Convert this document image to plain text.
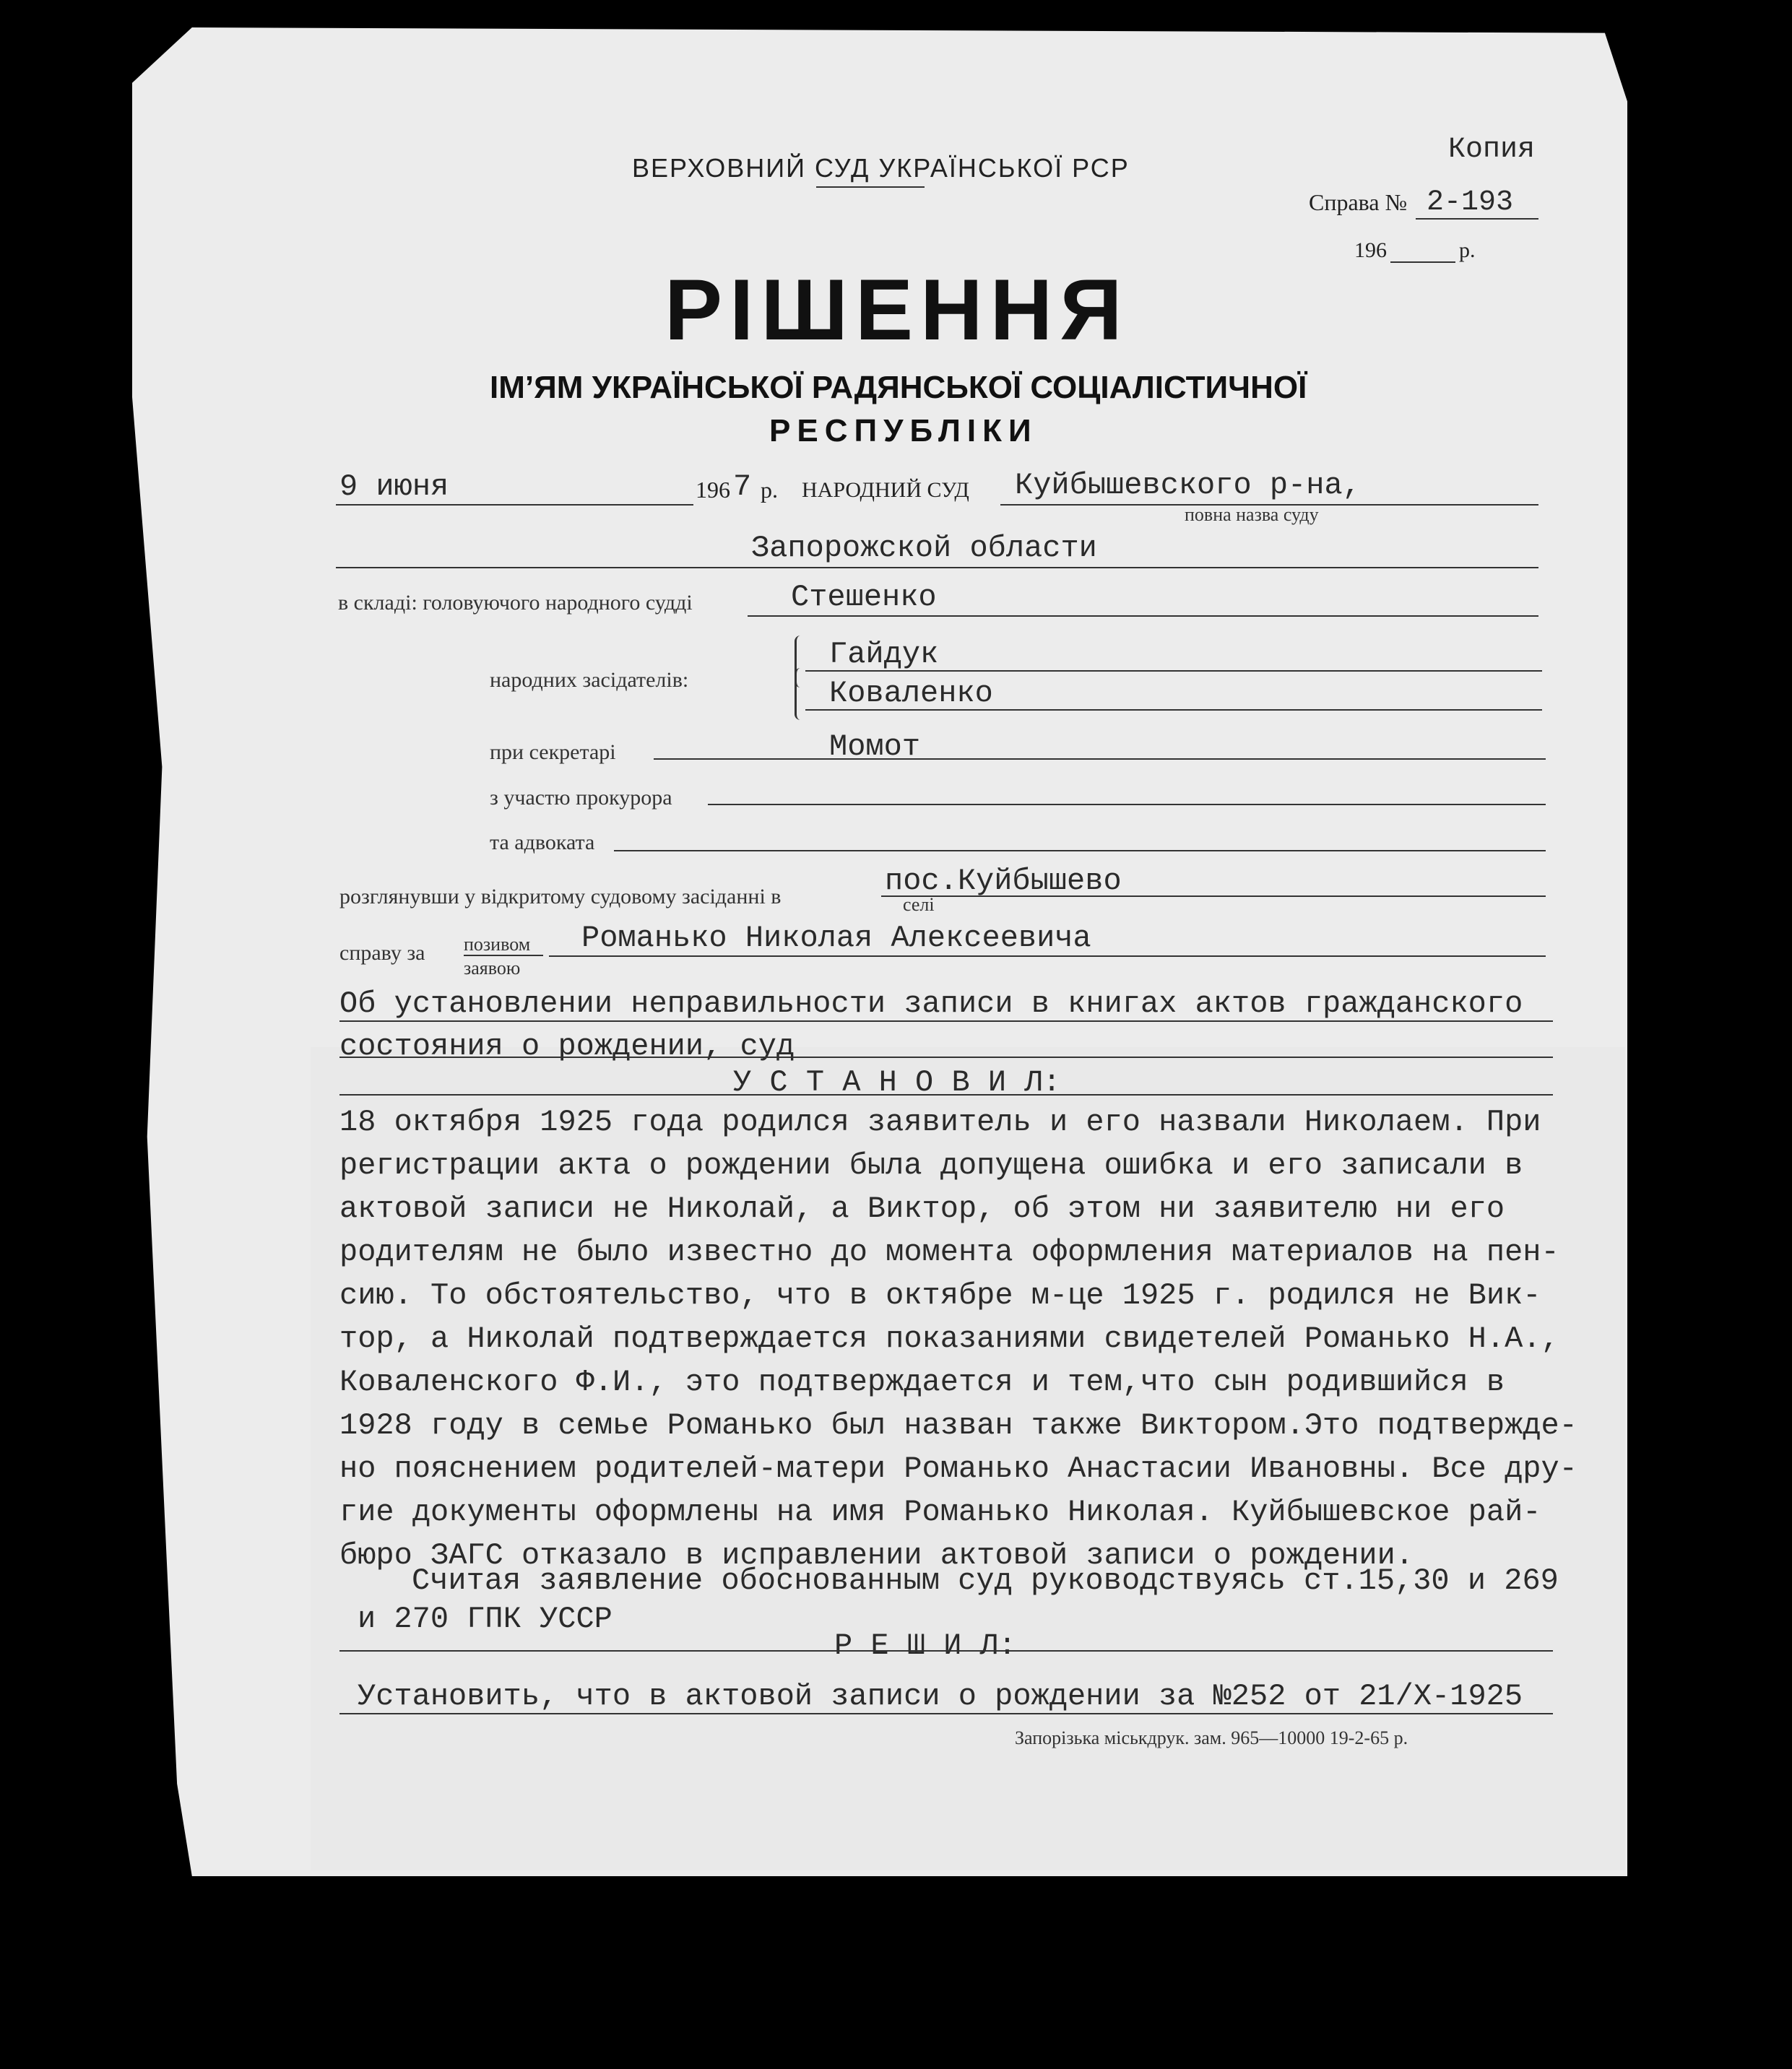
ВЕРХОВНИЙ СУД УКРАЇНСЬКОЇ РСР
Копия
Справа № 2-193
196	р.
РІШЕННЯ
ІМ’ЯМ УКРАЇНСЬКОЇ РАДЯНСЬКОЇ СОЦІАЛІСТИЧНОЇ
РЕСПУБЛІКИ
9 июня	196 7 р. НАРОДНИЙ СУД Куйбышевского р-на,
повна назва суду
Запорожской области
в складі: головуючого народного судді	Стешенко
народних засідателів:
Гайдук
Коваленко
при секретарі	Момот
з участю прокурора
та адвоката
розглянувши у відкритому судовому засіданні в	пос.Куйбышево
селі
справу за позивом
заявою
Романько Николая Алексеевича
Об установлении неправильности записи в книгах актов гражданского
состояния о рождении, суд
У С Т А Н О В И Л:
18 октября 1925 года родился заявитель и его назвали Николаем. При
регистрации акта о рождении была допущена ошибка и его записали в
актовой записи не Николай, а Виктор, об этом ни заявителю ни его
родителям не было известно до момента оформления материалов на пен-
сию. То обстоятельство, что в октябре м-це 1925 г. родился не Вик-
тор, а Николай подтверждается показаниями свидетелей Романько Н.А.,
Коваленского Ф.И., это подтверждается и тем,что сын родившийся в
1928 году в семье Романько был назван также Виктором.Это подтвержде-
но пояснением родителей-матери Романько Анастасии Ивановны. Все дру-
гие документы оформлены на имя Романько Николая. Куйбышевское рай-
бюро ЗАГС отказало в исправлении актовой записи о рождении.
Считая заявление обоснованным суд руководствуясь ст.15,30 и 269
и 270 ГПК УССР
Р Е Ш И Л:
Установить, что в актовой записи о рождении за №252 от 21/X-1925
Запорізька міськдрук. зам. 965—10000 19-2-65 р.
